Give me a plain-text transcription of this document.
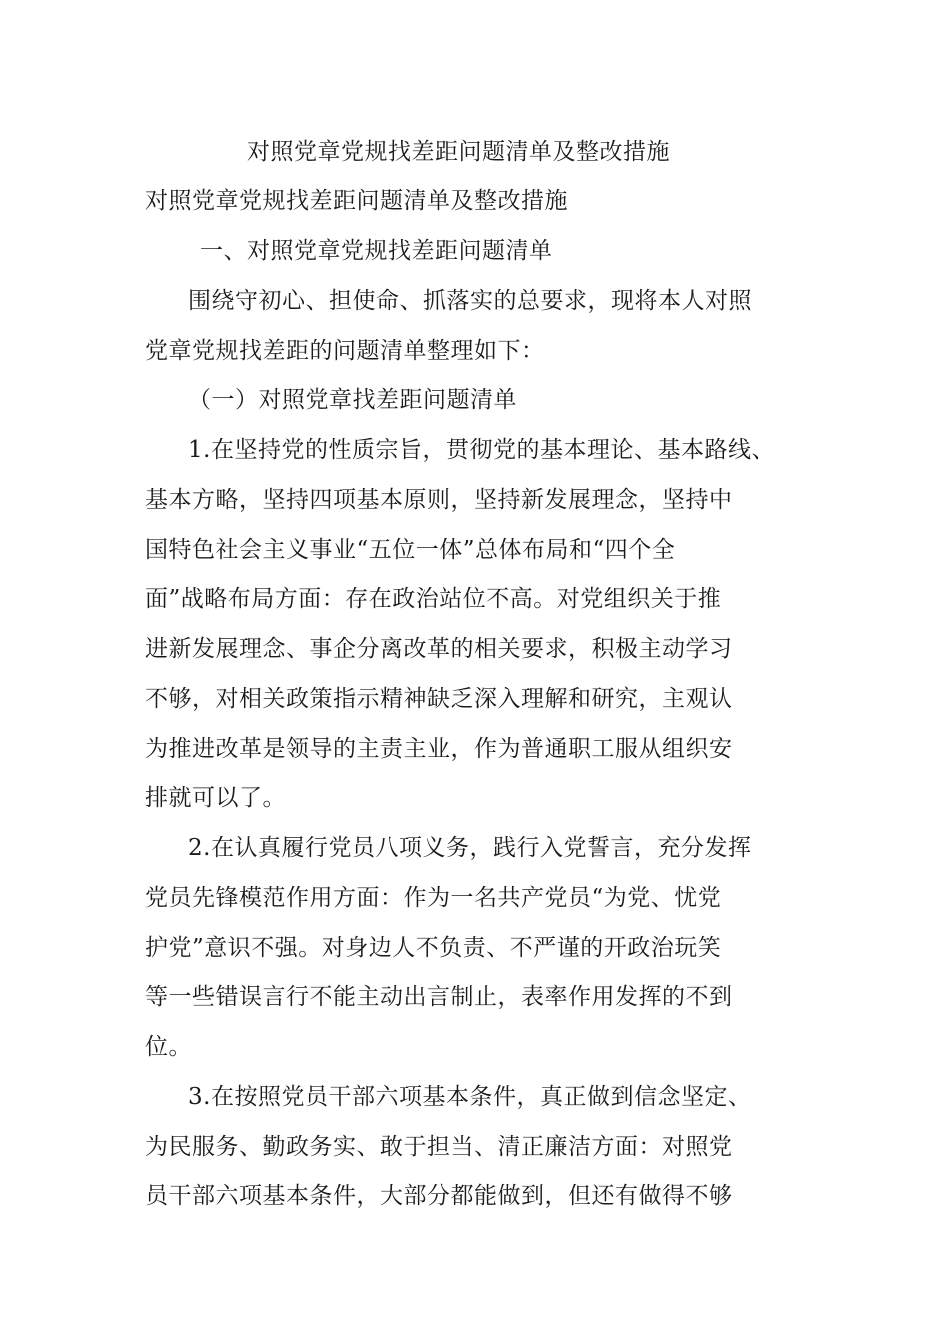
对照党章党规找差距问题清单及整改措施
对照党章党规找差距问题清单及整改措施
一、对照党章党规找差距问题清单
围绕守初心、担使命、抓落实的总要求，现将本人对照
党章党规找差距的问题清单整理如下：
（一）对照党章找差距问题清单
1.在坚持党的性质宗旨，贯彻党的基本理论、基本路线、
基本方略，坚持四项基本原则，坚持新发展理念，坚持中
国特色社会主义事业“五位一体”总体布局和“四个全
面”战略布局方面：存在政治站位不高。对党组织关于推
进新发展理念、事企分离改革的相关要求，积极主动学习
不够，对相关政策指示精神缺乏深入理解和研究，主观认
为推进改革是领导的主责主业，作为普通职工服从组织安
排就可以了。
2.在认真履行党员八项义务，践行入党誓言，充分发挥
党员先锋模范作用方面：作为一名共产党员“为党、忧党
护党”意识不强。对身边人不负责、不严谨的开政治玩笑
等一些错误言行不能主动出言制止，表率作用发挥的不到
位。
3.在按照党员干部六项基本条件，真正做到信念坚定、
为民服务、勤政务实、敢于担当、清正廉洁方面：对照党
员干部六项基本条件，大部分都能做到，但还有做得不够
